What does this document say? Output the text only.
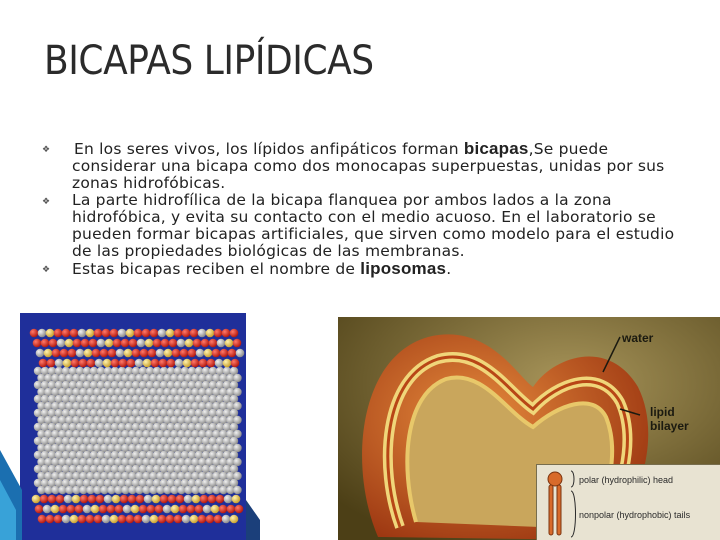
BICAPAS LIPÍDICAS
❖ En los seres vivos, los lípidos anfipáticos forman bicapas,Se puede considerar una bicapa como dos monocapas superpuestas, unidas por sus zonas hidrofóbicas.
❖ La parte hidrofílica de la bicapa flanquea por ambos lados a la zona hidrofóbica, y evita su contacto con el medio acuoso. En el laboratorio se pueden formar bicapas artificiales, que sirven como modelo para el estudio de las propiedades biológicas de las membranas.
❖ Estas bicapas reciben el nombre de liposomas.
water
lipid
bilayer
polar (hydrophilic) head
nonpolar (hydrophobic) tails
